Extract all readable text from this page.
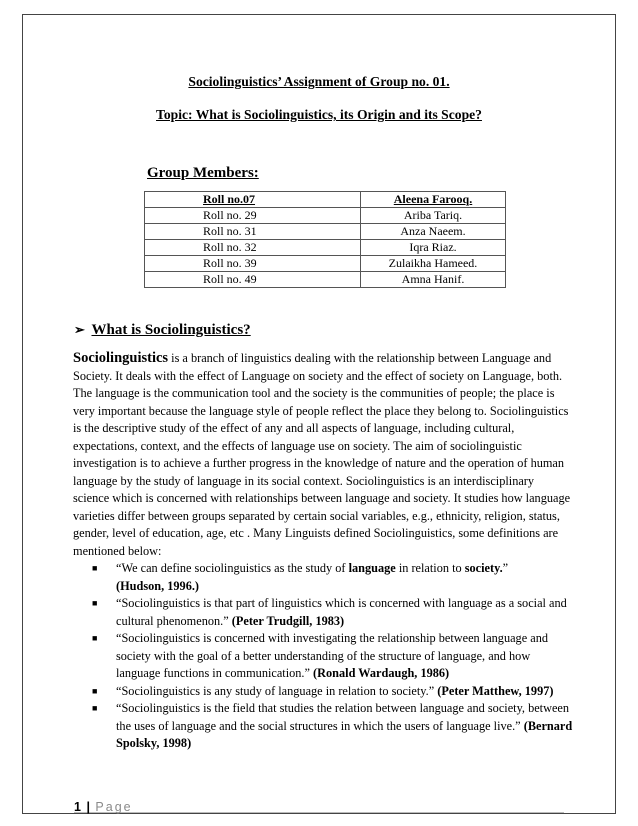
Sociolinguistics’ Assignment of Group no. 01.
Topic: What is Sociolinguistics, its Origin and its Scope?
Group Members:
Roll no.07	Aleena Farooq.
Roll no. 29	Ariba Tariq.
Roll no. 31	Anza Naeem.
Roll no. 32	Iqra Riaz.
Roll no. 39	Zulaikha Hameed.
Roll no. 49	Amna Hanif.
➢ What is Sociolinguistics?
Sociolinguistics is a branch of linguistics dealing with the relationship between Language and Society. It deals with the effect of Language on society and the effect of society on Language, both. The language is the communication tool and the society is the communities of people; the place is very important because the language style of people reflect the place they belong to. Sociolinguistics is the descriptive study of the effect of any and all aspects of language, including cultural, expectations, context, and the effects of language use on society. The aim of sociolinguistic investigation is to achieve a further progress in the knowledge of nature and the operation of human language by the study of language in its social context. Sociolinguistics is an interdisciplinary science which is concerned with relationships between language and society. It studies how language varieties differ between groups separated by certain social variables, e.g., ethnicity, religion, status, gender, level of education, age, etc . Many Linguists defined Sociolinguistics, some definitions are mentioned below:
■ “We can define sociolinguistics as the study of language in relation to society.”
(Hudson, 1996.)
■ “Sociolinguistics is that part of linguistics which is concerned with language as a social and cultural phenomenon.” (Peter Trudgill, 1983)
■ “Sociolinguistics is concerned with investigating the relationship between language and society with the goal of a better understanding of the structure of language, and how language functions in communication.” (Ronald Wardaugh, 1986)
■ “Sociolinguistics is any study of language in relation to society.” (Peter Matthew, 1997)
■ “Sociolinguistics is the field that studies the relation between language and society, between the uses of language and the social structures in which the users of language live.” (Bernard Spolsky, 1998)
1 | Page
